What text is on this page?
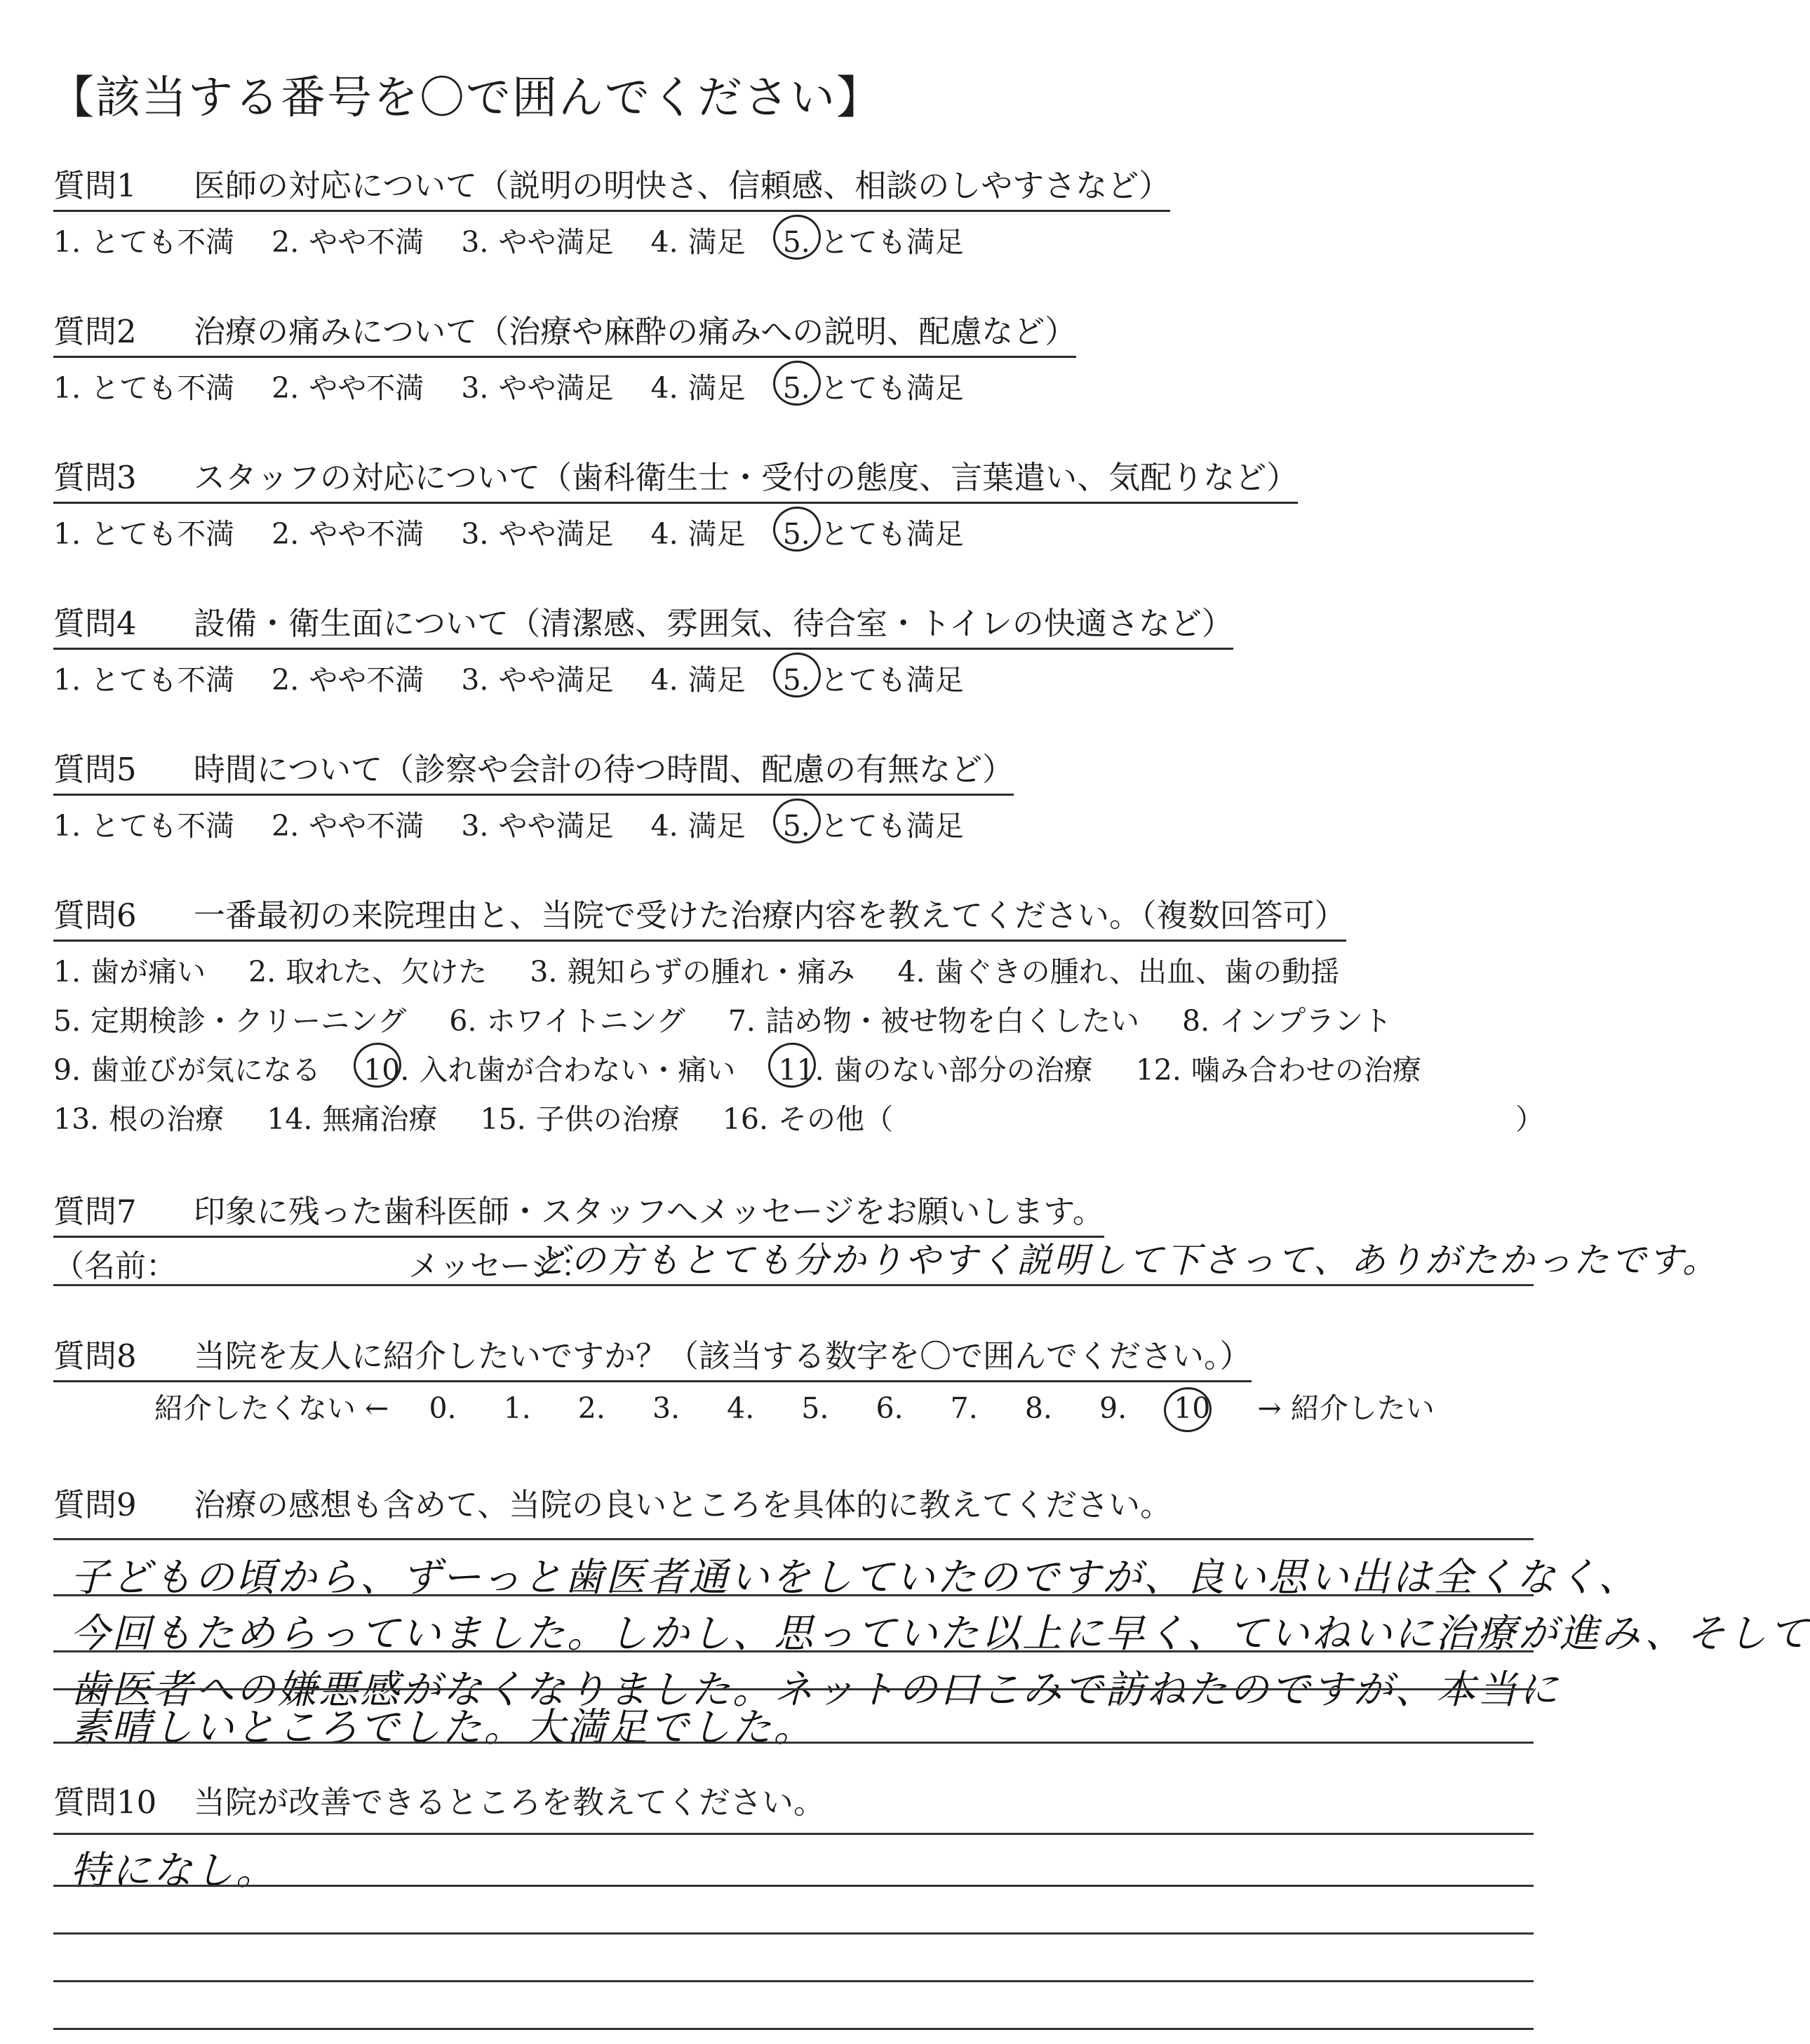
【該当する番号を〇で囲んでください】
質問1 医師の対応について（説明の明快さ、信頼感、相談のしやすさなど）
1. とても不満 2. やや不満 3. やや満足 4. 満足 5. とても満足
質問2 治療の痛みについて（治療や麻酔の痛みへの説明、配慮など）
1. とても不満 2. やや不満 3. やや満足 4. 満足 5. とても満足
質問3 スタッフの対応について（歯科衛生士・受付の態度、言葉遣い、気配りなど）
1. とても不満 2. やや不満 3. やや満足 4. 満足 5. とても満足
質問4 設備・衛生面について（清潔感、雰囲気、待合室・トイレの快適さなど）
1. とても不満 2. やや不満 3. やや満足 4. 満足 5. とても満足
質問5 時間について（診察や会計の待つ時間、配慮の有無など）
1. とても不満 2. やや不満 3. やや満足 4. 満足 5. とても満足
質問6 一番最初の来院理由と、当院で受けた治療内容を教えてください。（複数回答可）
1. 歯が痛い 2. 取れた、欠けた 3. 親知らずの腫れ・痛み 4. 歯ぐきの腫れ、出血、歯の動揺
5. 定期検診・クリーニング 6. ホワイトニング 7. 詰め物・被せ物を白くしたい 8. インプラント
9. 歯並びが気になる 10. 入れ歯が合わない・痛い 11. 歯のない部分の治療 12. 噛み合わせの治療
13. 根の治療 14. 無痛治療 15. 子供の治療 16. その他（	）
質問7 印象に残った歯科医師・スタッフへメッセージをお願いします。
（名前：	メッセージ：
どの方もとても分かりやすく説明して下さって、ありがたかったです。
質問8 当院を友人に紹介したいですか？（該当する数字を〇で囲んでください。）
紹介したくない ← 0. 1. 2. 3. 4. 5. 6. 7. 8. 9. 10 → 紹介したい
質問9 治療の感想も含めて、当院の良いところを具体的に教えてください。
子どもの頃から、ずーっと歯医者通いをしていたのですが、良い思い出は全くなく、
今回もためらっていました。しかし、思っていた以上に早く、ていねいに治療が進み、そして
歯医者への嫌悪感がなくなりました。ネットの口こみで訪ねたのですが、本当に
素晴しいところでした。大満足でした。
質問10 当院が改善できるところを教えてください。
特になし。
